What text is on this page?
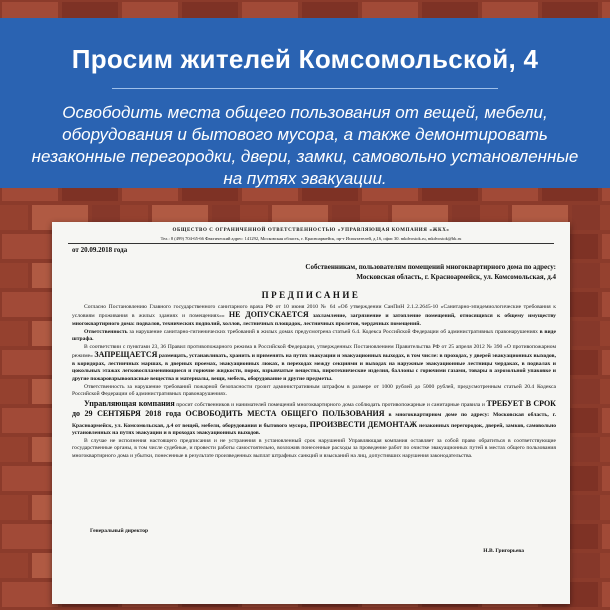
Просим жителей Комсомольской, 4
Освободить места общего пользования от вещей, мебели, оборудования и бытового мусора, а также демонтировать незаконные перегородки, двери, замки, самовольно установленные на путях эвакуации.
ОБЩЕСТВО С ОГРАНИЧЕННОЙ ОТВЕТСТВЕННОСТЬЮ «УПРАВЛЯЮЩАЯ КОМПАНИЯ «ЖКХ»
Тел.: 8 (499) 704-65-66 Фактический адрес: 141292, Московская область, г. Красноармейск, пр-т Испытателей, д.16, офис 30. mkdvostok.ru, mkdvostok@bk.ru
от 20.09.2018 года
Собственникам, пользователям помещений многоквартирного дома по адресу: Московская область, г. Красноармейск, ул. Комсомольская, д.4
ПРЕДПИСАНИЕ

Согласно Постановлению Главного государственного санитарного врача РФ от 10 июня 2010 № 64 «Об утверждении СанПиН 2.1.2.2645-10 «Санитарно-эпидемиологические требования к условиям проживания в жилых зданиях и помещениях»» НЕ ДОПУСКАЕТСЯ захламление, загрязнение и затопление помещений, относящихся к общему имуществу многоквартирного дома: подвалов, технических подполий, холлов, лестничных площадок, лестничных пролетов, чердачных помещений.

Ответственность за нарушение санитарно-гигиенических требований в жилых домах предусмотрена статьей 6.4. Кодекса Российской Федерации об административных правонарушениях в виде штрафа.

В соответствии с пунктами 23, 36 Правил противопожарного режима в Российской Федерации, утвержденных Постановлением Правительства РФ от 25 апреля 2012 № 390 «О противопожарном режиме» ЗАПРЕЩАЕТСЯ размещать, устанавливать, хранить и применять на путях эвакуации и эвакуационных выходах, в том числе: в проходах, у дверей эвакуационных выходов, в коридорах, лестничных маршах, в дверных проемах, эвакуационных люках, в переходах между секциями и выходах на наружные эвакуационные лестницы чердаках, в подвалах и цокольных этажах легковоспламеняющиеся и горючие жидкости, порох, взрывчатые вещества, пиротехнические изделия, баллоны с горючими газами, товары в аэрозольной упаковке и другие пожаровзрывоопасные вещества и материалы, вещи, мебель, оборудование и другие предметы.

Ответственность за нарушение требований пожарной безопасности грозит административным штрафом в размере от 1000 рублей до 5000 рублей, предусмотренным статьей 20.4 Кодекса Российской Федерации об административных правонарушениях.

Управляющая компания просит собственников и нанимателей помещений многоквартирного дома соблюдать противопожарные и санитарные правила и ТРЕБУЕТ В СРОК до 29 СЕНТЯБРЯ 2018 года ОСВОБОДИТЬ МЕСТА ОБЩЕГО ПОЛЬЗОВАНИЯ в многоквартирном доме по адресу: Московская область, г. Красноармейск, ул. Комсомольская, д.4 от вещей, мебели, оборудования и бытового мусора, ПРОИЗВЕСТИ ДЕМОНТАЖ незаконных перегородок, дверей, замков, самовольно установленных на путях эвакуации и в проходах эвакуационных выходов.

В случае не исполнения настоящего предписания и не устранения в установленный срок нарушений Управляющая компания оставляет за собой право обратиться в соответствующие государственные органы, в том числе судебные, и провести работы самостоятельно, возложив понесенные расходы за проведение работ по очистке эвакуационных путей в местах общего пользования многоквартирного дома и убытки, понесенные в результате произведенных выплат штрафных санкций и взысканий на лиц, допустивших нарушения законодательства.

Генеральный директор
Н.В. Григорьева
